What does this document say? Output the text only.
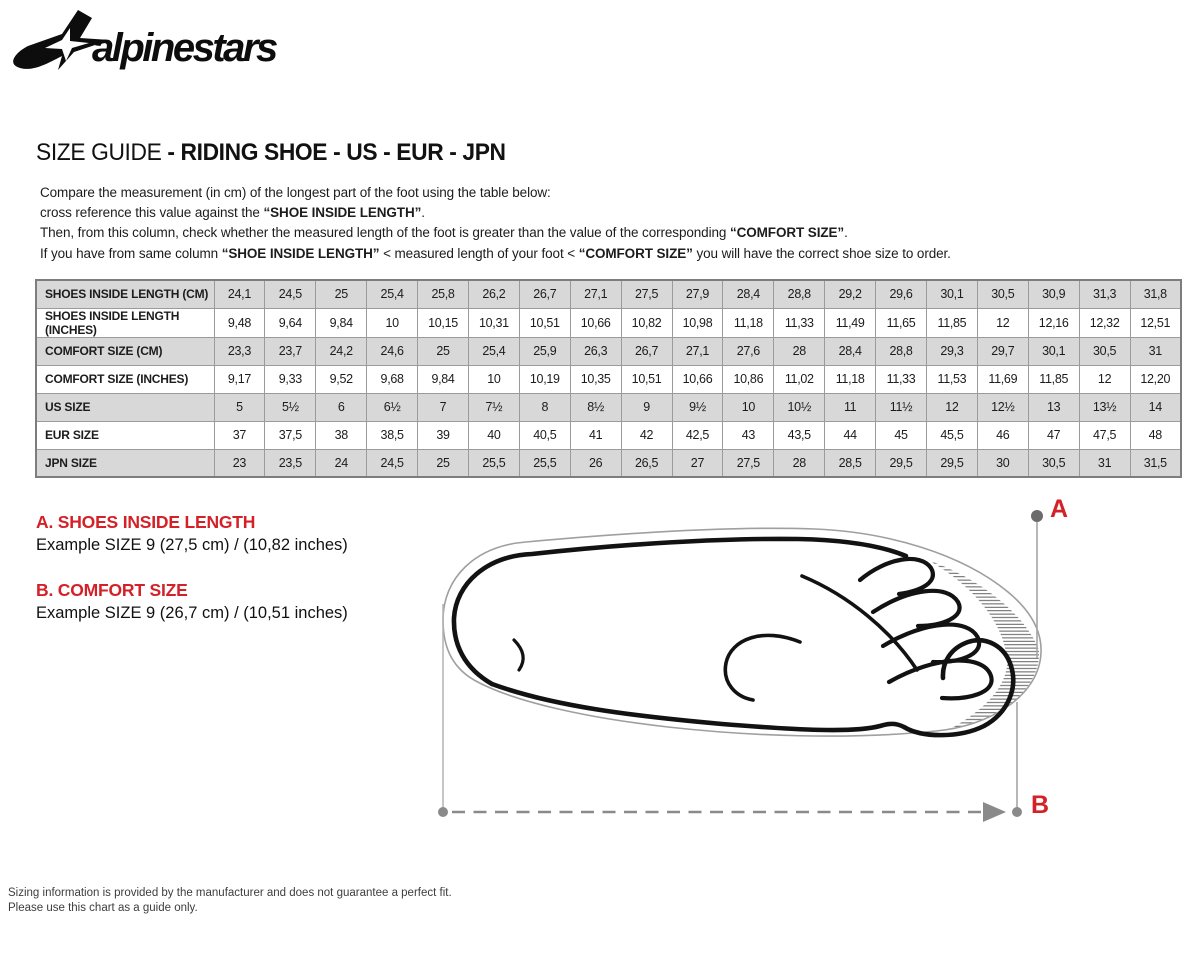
alpinestars
SIZE GUIDE - RIDING SHOE - US - EUR - JPN

Compare the measurement (in cm) of the longest part of the foot using the table below:

cross reference this value against the “SHOE INSIDE LENGTH”.

Then, from this column, check whether the measured length of the foot is greater than the value of the corresponding “COMFORT SIZE”.

If you have from same column “SHOE INSIDE LENGTH” < measured length of your foot < “COMFORT SIZE” you will have the correct shoe size to order.

SHOES INSIDE LENGTH (CM)	24,1	24,5	25	25,4	25,8	26,2	26,7	27,1	27,5	27,9	28,4	28,8	29,2	29,6	30,1	30,5	30,9	31,3	31,8
SHOES INSIDE LENGTH (INCHES)	9,48	9,64	9,84	10	10,15	10,31	10,51	10,66	10,82	10,98	11,18	11,33	11,49	11,65	11,85	12	12,16	12,32	12,51
COMFORT SIZE (CM)	23,3	23,7	24,2	24,6	25	25,4	25,9	26,3	26,7	27,1	27,6	28	28,4	28,8	29,3	29,7	30,1	30,5	31
COMFORT SIZE (INCHES)	9,17	9,33	9,52	9,68	9,84	10	10,19	10,35	10,51	10,66	10,86	11,02	11,18	11,33	11,53	11,69	11,85	12	12,20
US SIZE	5	5½	6	6½	7	7½	8	8½	9	9½	10	10½	11	11½	12	12½	13	13½	14
EUR SIZE	37	37,5	38	38,5	39	40	40,5	41	42	42,5	43	43,5	44	45	45,5	46	47	47,5	48
JPN SIZE	23	23,5	24	24,5	25	25,5	25,5	26	26,5	27	27,5	28	28,5	29,5	29,5	30	30,5	31	31,5
A. SHOES INSIDE LENGTH

Example SIZE 9 (27,5 cm) / (10,82 inches)

B. COMFORT SIZE

Example SIZE 9 (26,7 cm) / (10,51 inches)

A
B

Sizing information is provided by the manufacturer and does not guarantee a perfect fit.

Please use this chart as a guide only.
